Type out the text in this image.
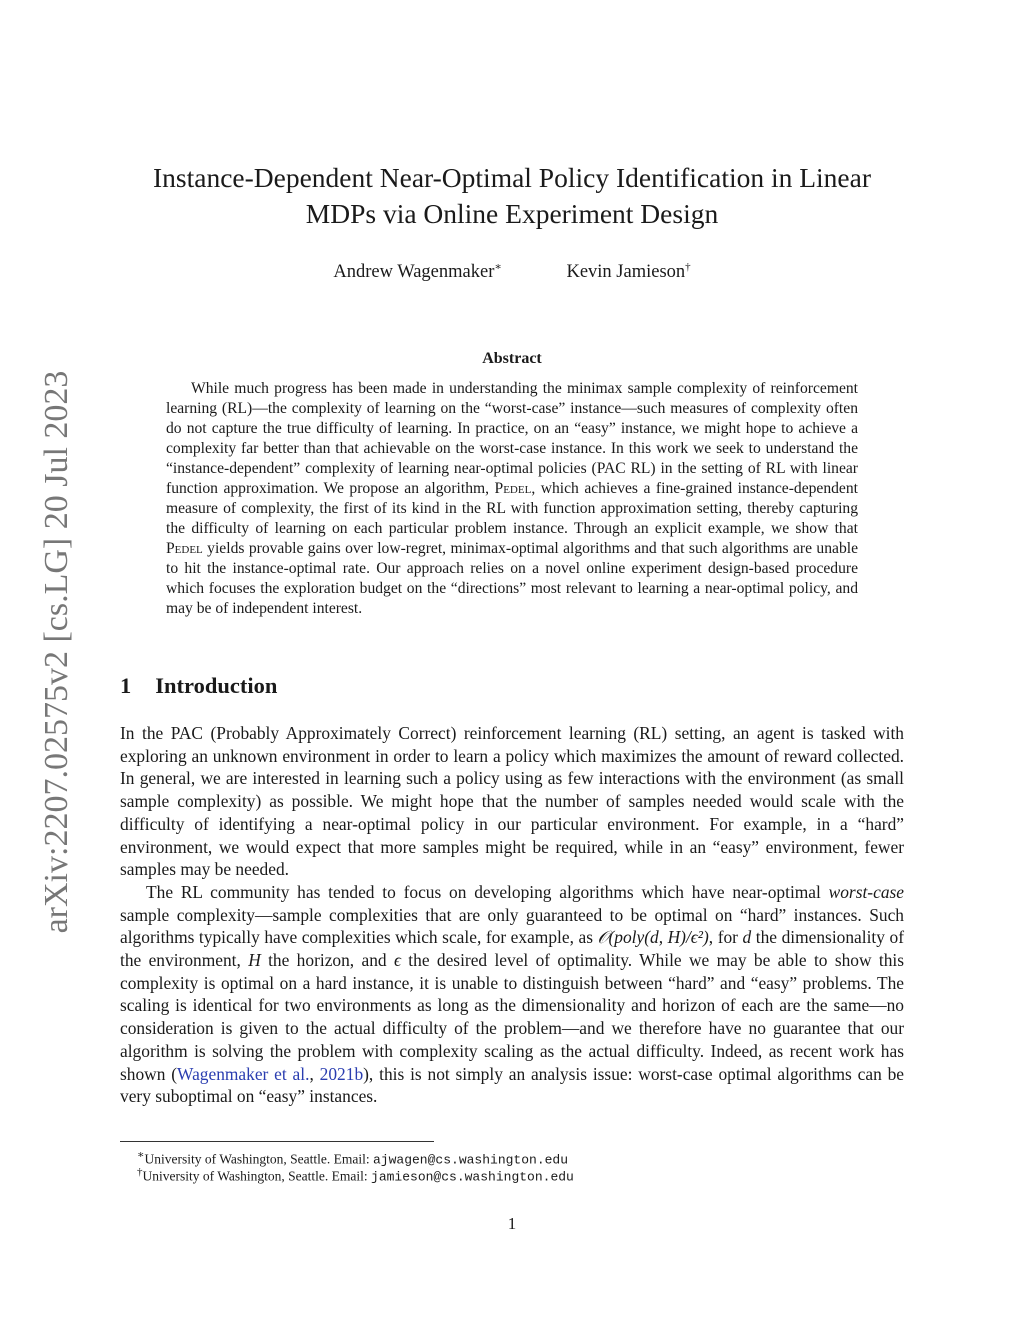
arXiv:2207.02575v2 [cs.LG] 20 Jul 2023
Instance-Dependent Near-Optimal Policy Identification in Linear
MDPs via Online Experiment Design
Andrew Wagenmaker∗	Kevin Jamieson†
Abstract
While much progress has been made in understanding the minimax sample complexity of reinforcement learning (RL)—the complexity of learning on the “worst-case” instance—such measures of complexity often do not capture the true difficulty of learning. In practice, on an “easy” instance, we might hope to achieve a complexity far better than that achievable on the worst-case instance. In this work we seek to understand the “instance-dependent” complexity of learning near-optimal policies (PAC RL) in the setting of RL with linear function approximation. We propose an algorithm, Pedel, which achieves a fine-grained instance-dependent measure of complexity, the first of its kind in the RL with function approximation setting, thereby capturing the difficulty of learning on each particular problem instance. Through an explicit example, we show that Pedel yields provable gains over low-regret, minimax-optimal algorithms and that such algorithms are unable to hit the instance-optimal rate. Our approach relies on a novel online experiment design-based procedure which focuses the exploration budget on the “directions” most relevant to learning a near-optimal policy, and may be of independent interest.
1 Introduction

In the PAC (Probably Approximately Correct) reinforcement learning (RL) setting, an agent is tasked with exploring an unknown environment in order to learn a policy which maximizes the amount of reward collected. In general, we are interested in learning such a policy using as few interactions with the environment (as small sample complexity) as possible. We might hope that the number of samples needed would scale with the difficulty of identifying a near-optimal policy in our particular environment. For example, in a “hard” environment, we would expect that more samples might be required, while in an “easy” environment, fewer samples may be needed.

The RL community has tended to focus on developing algorithms which have near-optimal worst-case sample complexity—sample complexities that are only guaranteed to be optimal on “hard” instances. Such algorithms typically have complexities which scale, for example, as 𝒪(poly(d, H)/ϵ²), for d the dimensionality of the environment, H the horizon, and ϵ the desired level of optimality. While we may be able to show this complexity is optimal on a hard instance, it is unable to distinguish between “hard” and “easy” problems. The scaling is identical for two environments as long as the dimensionality and horizon of each are the same—no consideration is given to the actual difficulty of the problem—and we therefore have no guarantee that our algorithm is solving the problem with complexity scaling as the actual difficulty. Indeed, as recent work has shown (Wagenmaker et al., 2021b), this is not simply an analysis issue: worst-case optimal algorithms can be very suboptimal on “easy” instances.

∗University of Washington, Seattle. Email: ajwagen@cs.washington.edu
†University of Washington, Seattle. Email: jamieson@cs.washington.edu
1
